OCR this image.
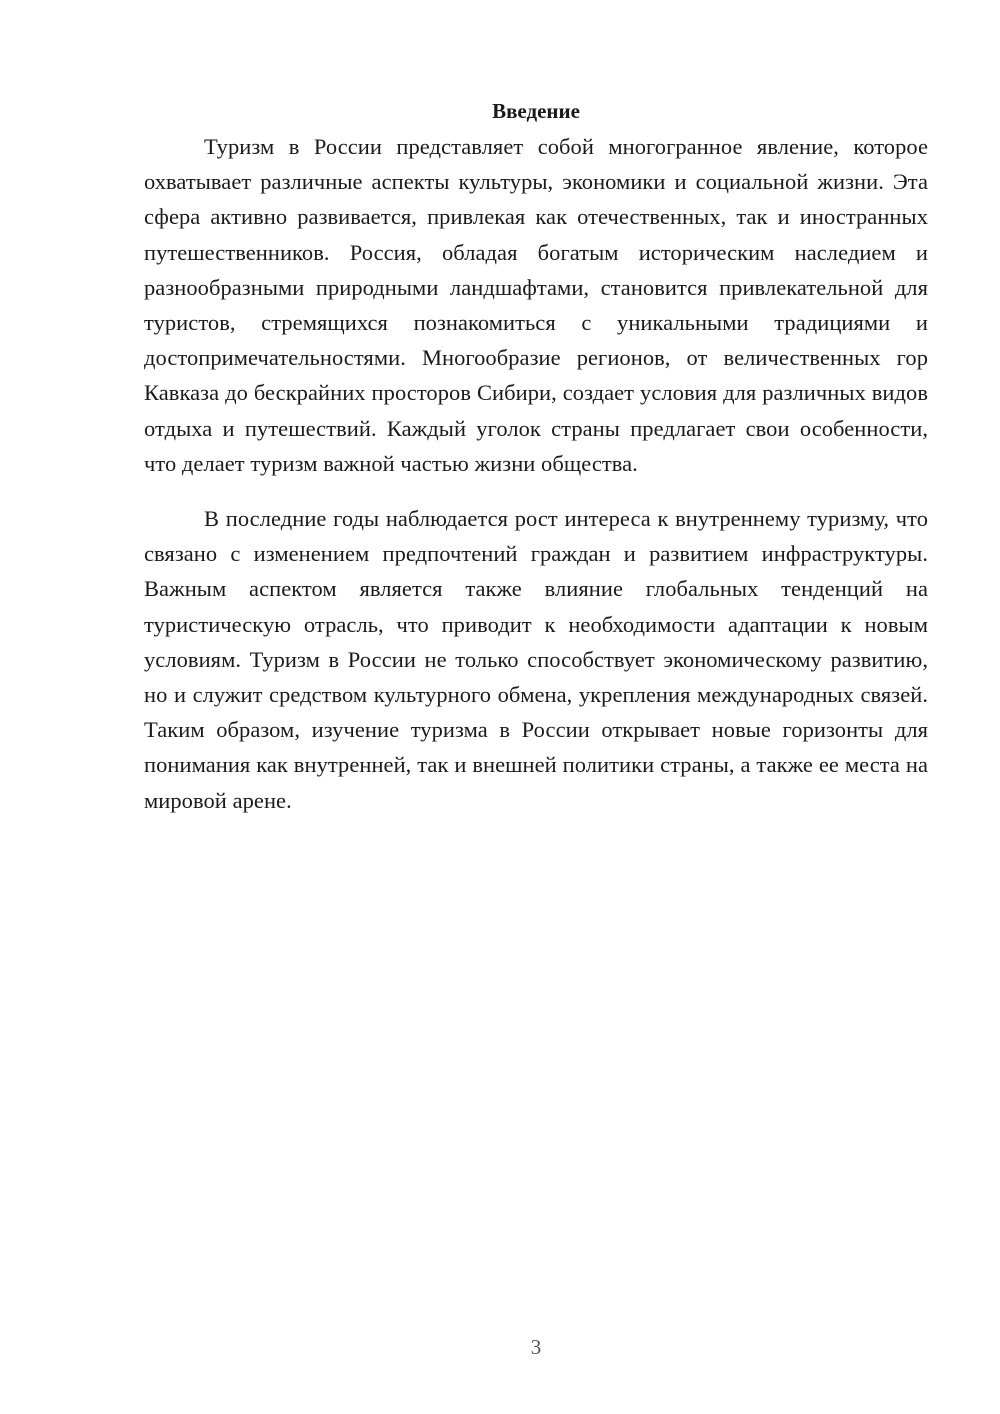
Введение

Туризм в России представляет собой многогранное явление, которое охватывает различные аспекты культуры, экономики и социальной жизни. Эта сфера активно развивается, привлекая как отечественных, так и иностранных путешественников. Россия, обладая богатым историческим наследием и разнообразными природными ландшафтами, становится привлекательной для туристов, стремящихся познакомиться с уникальными традициями и достопримечательностями. Многообразие регионов, от величественных гор Кавказа до бескрайних просторов Сибири, создает условия для различных видов отдыха и путешествий. Каждый уголок страны предлагает свои особенности, что делает туризм важной частью жизни общества.

В последние годы наблюдается рост интереса к внутреннему туризму, что связано с изменением предпочтений граждан и развитием инфраструктуры. Важным аспектом является также влияние глобальных тенденций на туристическую отрасль, что приводит к необходимости адаптации к новым условиям. Туризм в России не только способствует экономическому развитию, но и служит средством культурного обмена, укрепления международных связей. Таким образом, изучение туризма в России открывает новые горизонты для понимания как внутренней, так и внешней политики страны, а также ее места на мировой арене.

3
